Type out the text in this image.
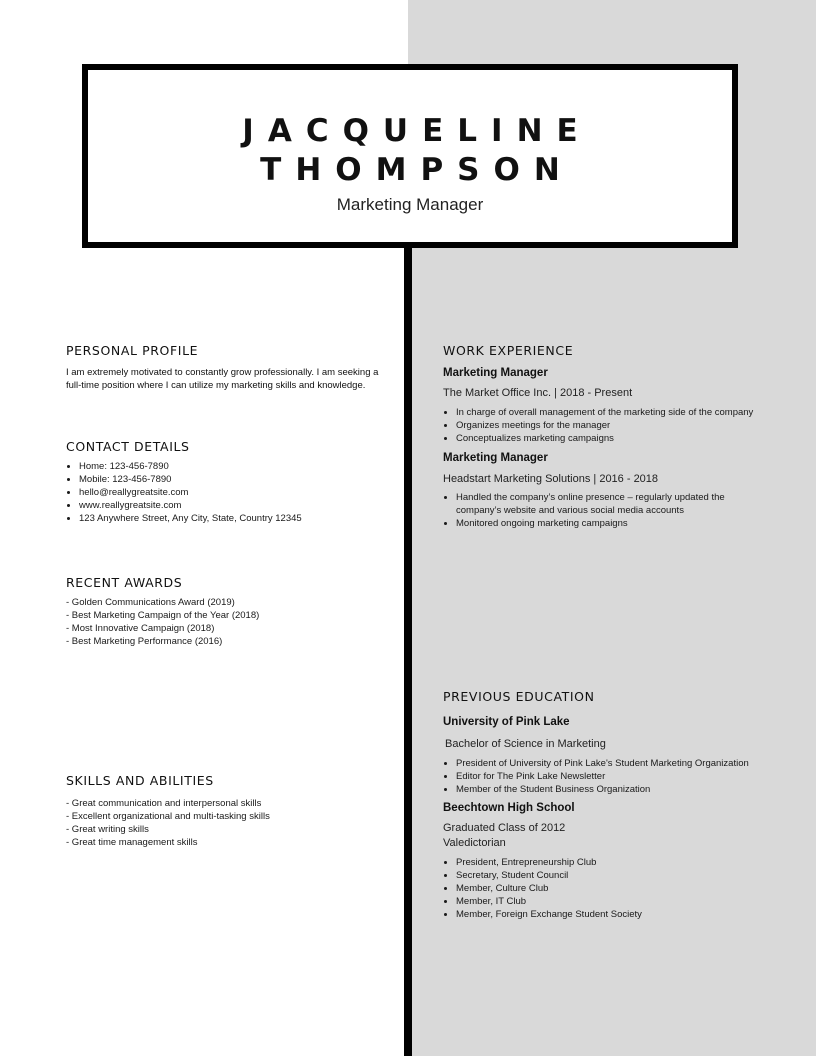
JACQUELINE
THOMPSON
Marketing Manager
PERSONAL PROFILE
I am extremely motivated to constantly grow professionally. I am seeking a full-time position where I can utilize my marketing skills and knowledge.
CONTACT DETAILS
• Home: 123-456-7890
• Mobile: 123-456-7890
• hello@reallygreatsite.com
• www.reallygreatsite.com
• 123 Anywhere Street, Any City, State, Country 12345
RECENT AWARDS
- Golden Communications Award (2019)
- Best Marketing Campaign of the Year (2018)
- Most Innovative Campaign (2018)
- Best Marketing Performance (2016)
SKILLS AND ABILITIES
- Great communication and interpersonal skills
- Excellent organizational and multi-tasking skills
- Great writing skills
- Great time management skills
WORK EXPERIENCE
Marketing Manager
The Market Office Inc. | 2018 - Present
• In charge of overall management of the marketing side of the company
• Organizes meetings for the manager
• Conceptualizes marketing campaigns
Marketing Manager
Headstart Marketing Solutions | 2016 - 2018
• Handled the company’s online presence – regularly updated the company’s website and various social media accounts
• Monitored ongoing marketing campaigns
PREVIOUS EDUCATION
University of Pink Lake
Bachelor of Science in Marketing
• President of University of Pink Lake's Student Marketing Organization
• Editor for The Pink Lake Newsletter
• Member of the Student Business Organization
Beechtown High School
Graduated Class of 2012
Valedictorian
• President, Entrepreneurship Club
• Secretary, Student Council
• Member, Culture Club
• Member, IT Club
• Member, Foreign Exchange Student Society
